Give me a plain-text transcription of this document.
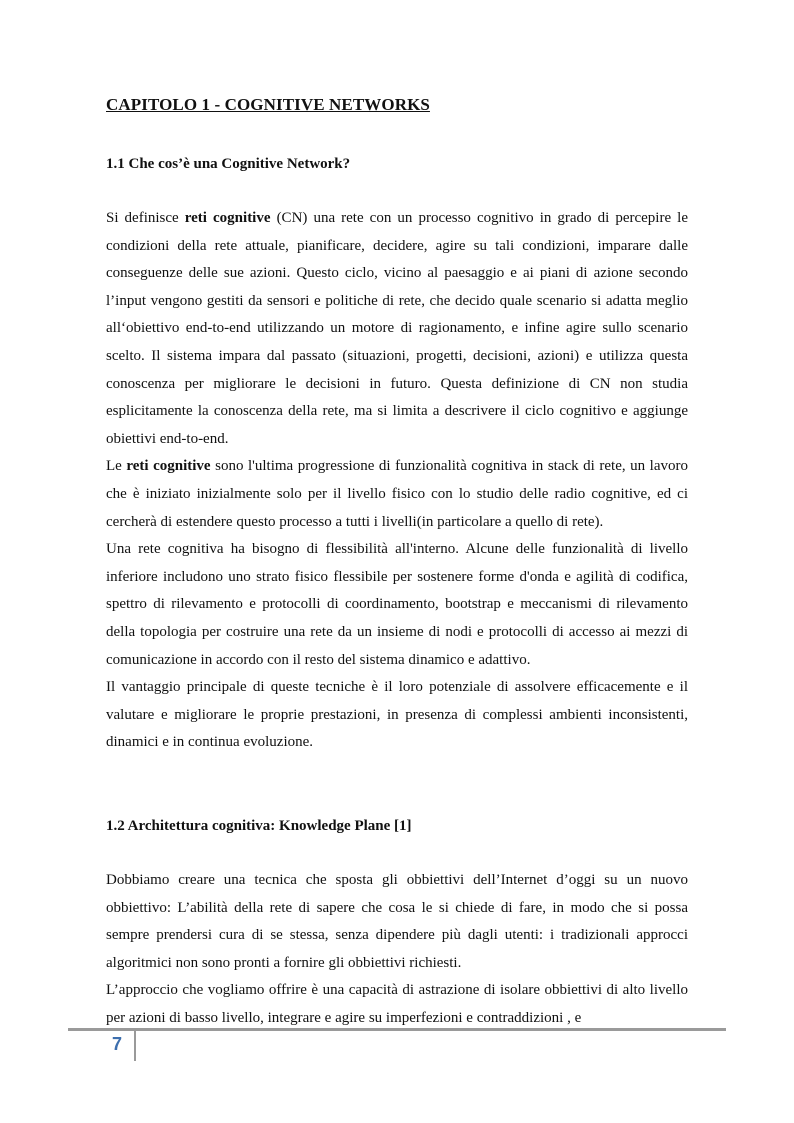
CAPITOLO 1 - COGNITIVE NETWORKS
1.1 Che cos’è una Cognitive Network?

Si definisce reti cognitive (CN) una rete con un processo cognitivo in grado di percepire le condizioni della rete attuale, pianificare, decidere, agire su tali condizioni, imparare dalle conseguenze delle sue azioni. Questo ciclo, vicino al paesaggio e ai piani di azione secondo l’input vengono gestiti da sensori e politiche di rete, che decido quale scenario si adatta meglio all‘obiettivo end-to-end utilizzando un motore di ragionamento, e infine agire sullo scenario scelto. Il sistema impara dal passato (situazioni, progetti, decisioni, azioni) e utilizza questa conoscenza per migliorare le decisioni in futuro. Questa definizione di CN non studia esplicitamente la conoscenza della rete, ma si limita a descrivere il ciclo cognitivo e aggiunge obiettivi end-to-end.

Le reti cognitive sono l'ultima progressione di funzionalità cognitiva in stack di rete, un lavoro che è iniziato inizialmente solo per il livello fisico con lo studio delle radio cognitive, ed ci cercherà di estendere questo processo a tutti i livelli(in particolare a quello di rete).

Una rete cognitiva ha bisogno di flessibilità all'interno. Alcune delle funzionalità di livello inferiore includono uno strato fisico flessibile per sostenere forme d'onda e agilità di codifica, spettro di rilevamento e protocolli di coordinamento, bootstrap e meccanismi di rilevamento della topologia per costruire una rete da un insieme di nodi e protocolli di accesso ai mezzi di comunicazione in accordo con il resto del sistema dinamico e adattivo.

Il vantaggio principale di queste tecniche è il loro potenziale di assolvere efficacemente e il valutare e migliorare le proprie prestazioni, in presenza di complessi ambienti inconsistenti, dinamici e in continua evoluzione.

1.2 Architettura cognitiva: Knowledge Plane [1]

Dobbiamo creare una tecnica che sposta gli obbiettivi dell’Internet d’oggi su un nuovo obbiettivo: L’abilità della rete di sapere che cosa le si chiede di fare, in modo che si possa sempre prendersi cura di se stessa, senza dipendere più dagli utenti: i tradizionali approcci algoritmici non sono pronti a fornire gli obbiettivi richiesti.

L’approccio che vogliamo offrire è una capacità di astrazione di isolare obbiettivi di alto livello per azioni di basso livello, integrare e agire su imperfezioni e contraddizioni , e

7
